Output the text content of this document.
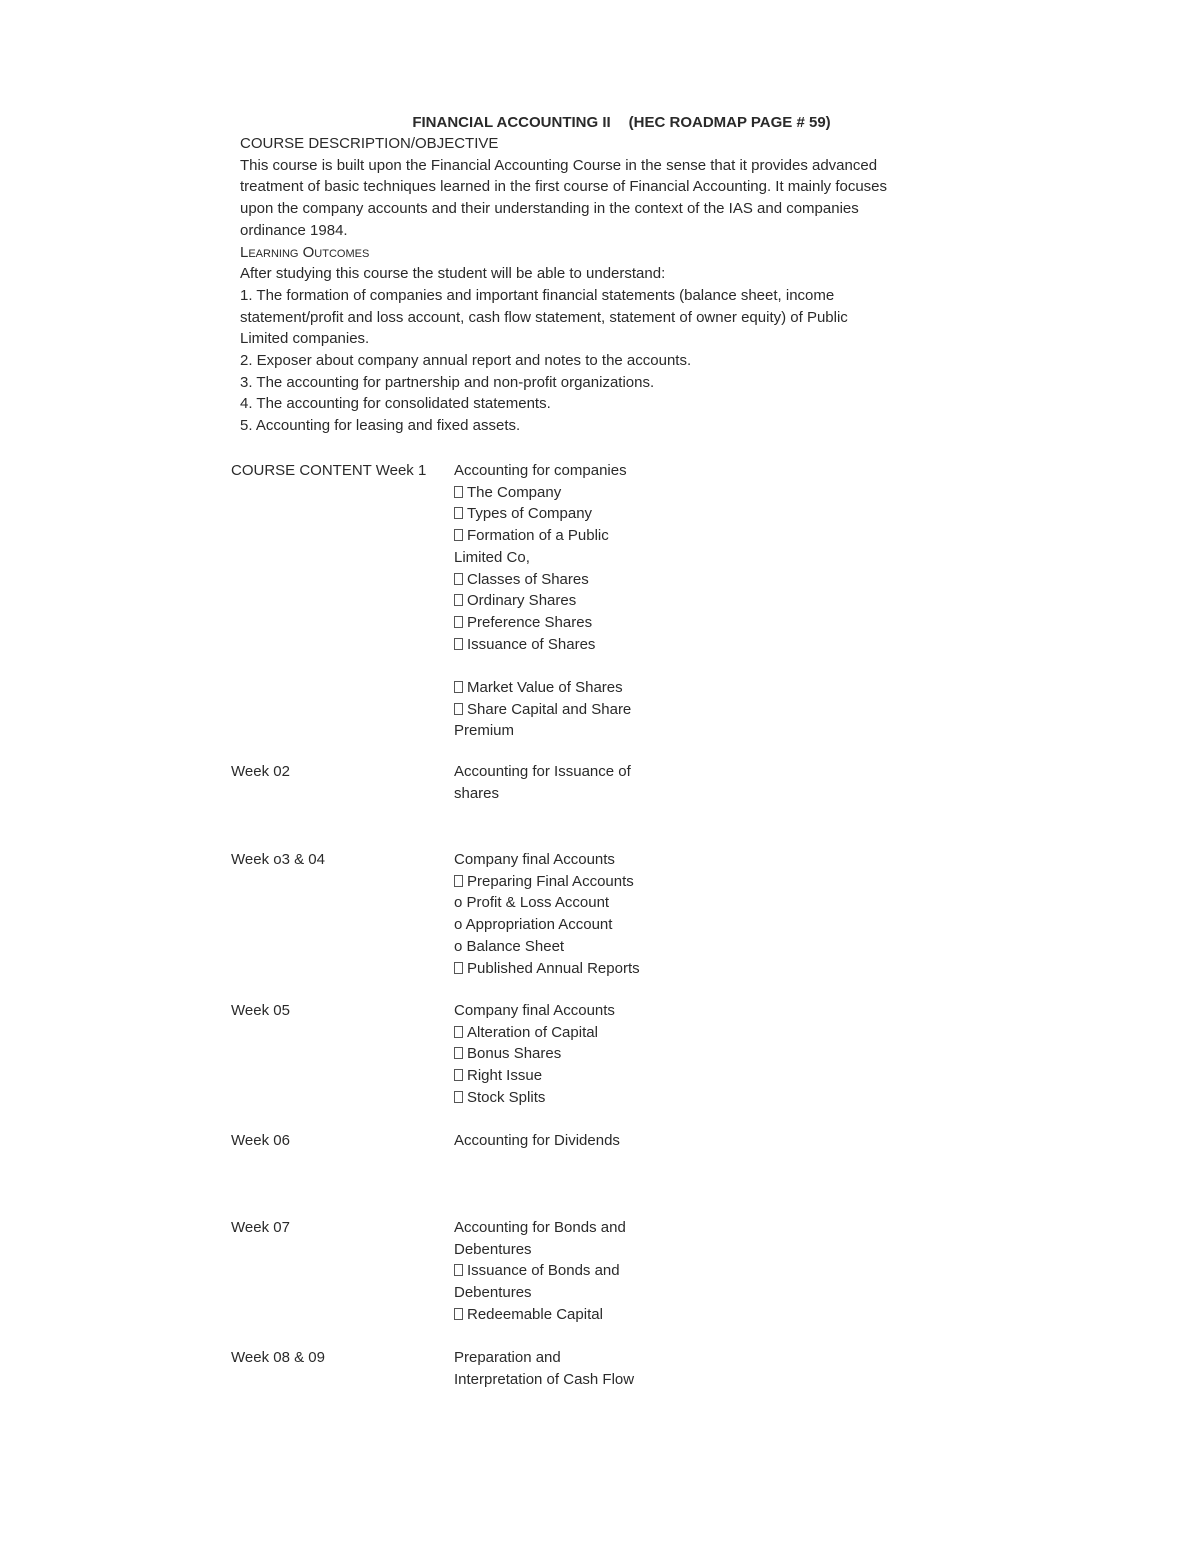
FINANCIAL ACCOUNTING II (HEC ROADMAP PAGE # 59)
COURSE DESCRIPTION/OBJECTIVE
This course is built upon the Financial Accounting Course in the sense that it provides advanced
treatment of basic techniques learned in the first course of Financial Accounting. It mainly focuses
upon the company accounts and their understanding in the context of the IAS and companies
ordinance 1984.
Learning Outcomes
After studying this course the student will be able to understand:
1. The formation of companies and important financial statements (balance sheet, income
statement/profit and loss account, cash flow statement, statement of owner equity) of Public
Limited companies.
2. Exposer about company annual report and notes to the accounts.
3. The accounting for partnership and non-profit organizations.
4. The accounting for consolidated statements.
5. Accounting for leasing and fixed assets.
COURSE CONTENT Week 1 Accounting for companies
The Company
Types of Company
Formation of a Public
Limited Co,
Classes of Shares
Ordinary Shares
Preference Shares
Issuance of Shares
Market Value of Shares
Share Capital and Share
Premium
Week 02	Accounting for Issuance of
shares
Week o3 & 04	Company final Accounts
Preparing Final Accounts
o Profit & Loss Account
o Appropriation Account
o Balance Sheet
Published Annual Reports
Week 05	Company final Accounts
Alteration of Capital
Bonus Shares
Right Issue
Stock Splits
Week 06	Accounting for Dividends
Week 07	Accounting for Bonds and
Debentures
Issuance of Bonds and
Debentures
Redeemable Capital
Week 08 & 09	Preparation and
Interpretation of Cash Flow
